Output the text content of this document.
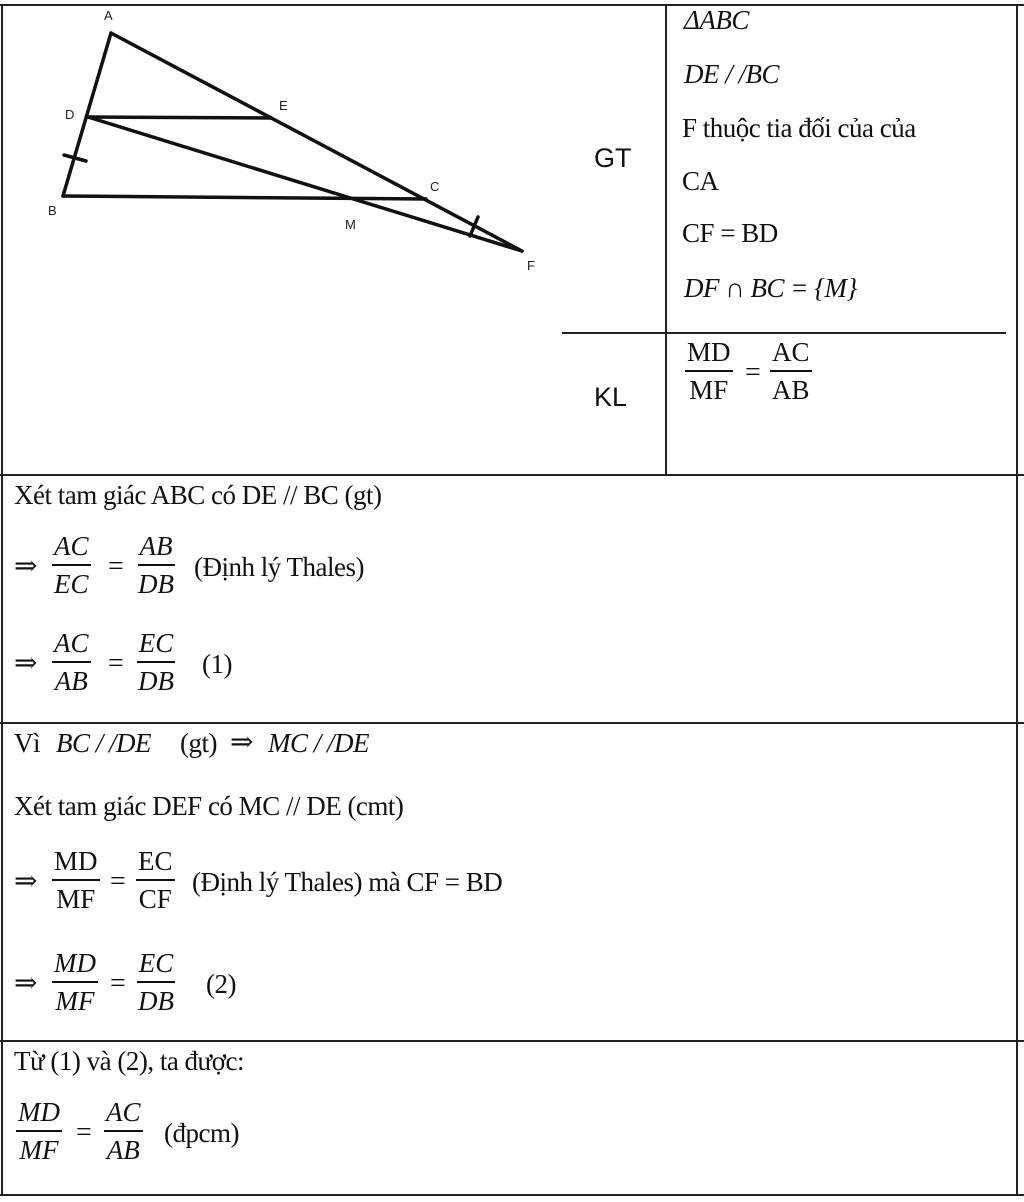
A
D
E
B
C
M
F
GT
KL
ΔABC
DE / /BC
F thuộc tia đối của của
CA
CF = BD
DF ∩ BC = {M}
$\frac{MD}{MF} = \frac{AC}{AB}$
Xét tam giác ABC có DE // BC (gt)
⇒ $\frac{AC}{EC} = \frac{AB}{DB}$ (Định lý Thales)
⇒ $\frac{AC}{AB} = \frac{EC}{DB} (1)$
Vì BC / /DE (gt) ⇒ MC / /DE
Xét tam giác DEF có MC // DE (cmt)
⇒ $\frac{MD}{MF} = \frac{EC}{CF}$ (Định lý Thales) mà CF = BD
⇒ $\frac{MD}{MF} = \frac{EC}{DB} (2)$
Từ (1) và (2), ta được:
$\frac{MD}{MF} = \frac{AC}{AB}$ (đpcm)
